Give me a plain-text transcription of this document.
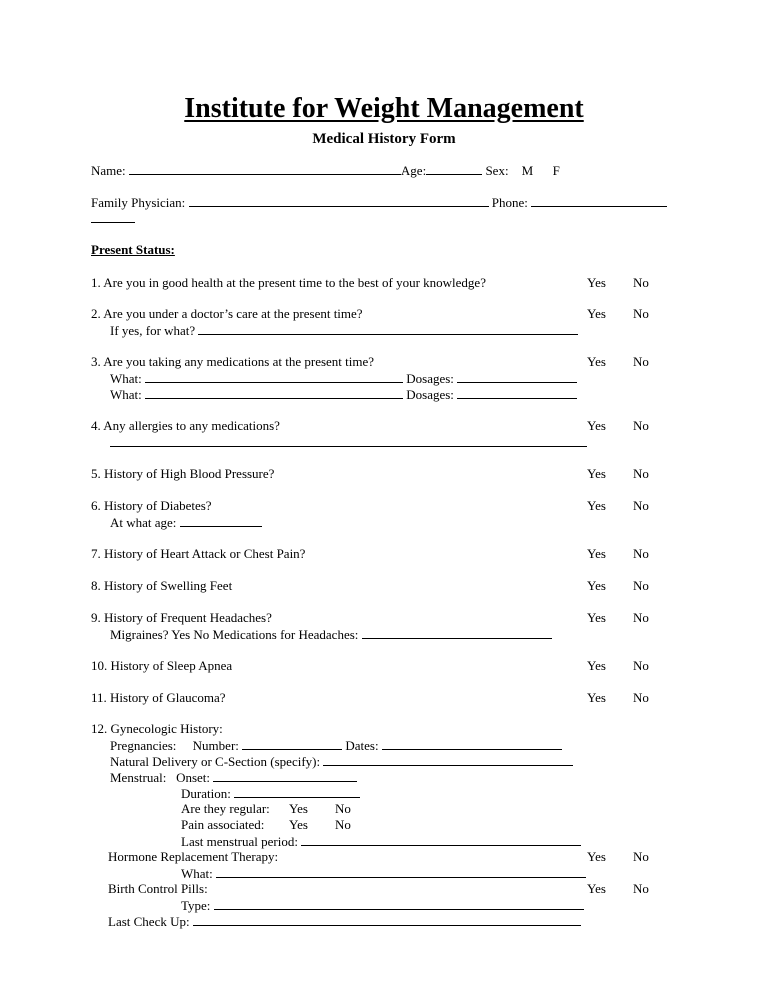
Institute for Weight Management
Medical History Form
Name:	Age:	Sex: M F
Family Physician:	Phone:
Present Status:
1. Are you in good health at the present time to the best of your knowledge?	Yes No
2. Are you under a doctor’s care at the present time?	Yes No
If yes, for what?
3. Are you taking any medications at the present time?	Yes No
What:	Dosages:
What:	Dosages:
4. Any allergies to any medications?	Yes No
5. History of High Blood Pressure?	Yes No
6. History of Diabetes?	Yes No
At what age:
7. History of Heart Attack or Chest Pain?	Yes No
8. History of Swelling Feet	Yes No
9. History of Frequent Headaches?	Yes No
Migraines? Yes No Medications for Headaches:
10. History of Sleep Apnea	Yes No
11. History of Glaucoma?	Yes No
12. Gynecologic History:
Pregnancies: Number:	Dates:
Natural Delivery or C-Section (specify):
Menstrual: Onset:
Duration:
Are they regular: Yes No
Pain associated: Yes No
Last menstrual period:
Hormone Replacement Therapy:	Yes No
What:
Birth Control Pills:	Yes No
Type:
Last Check Up:
